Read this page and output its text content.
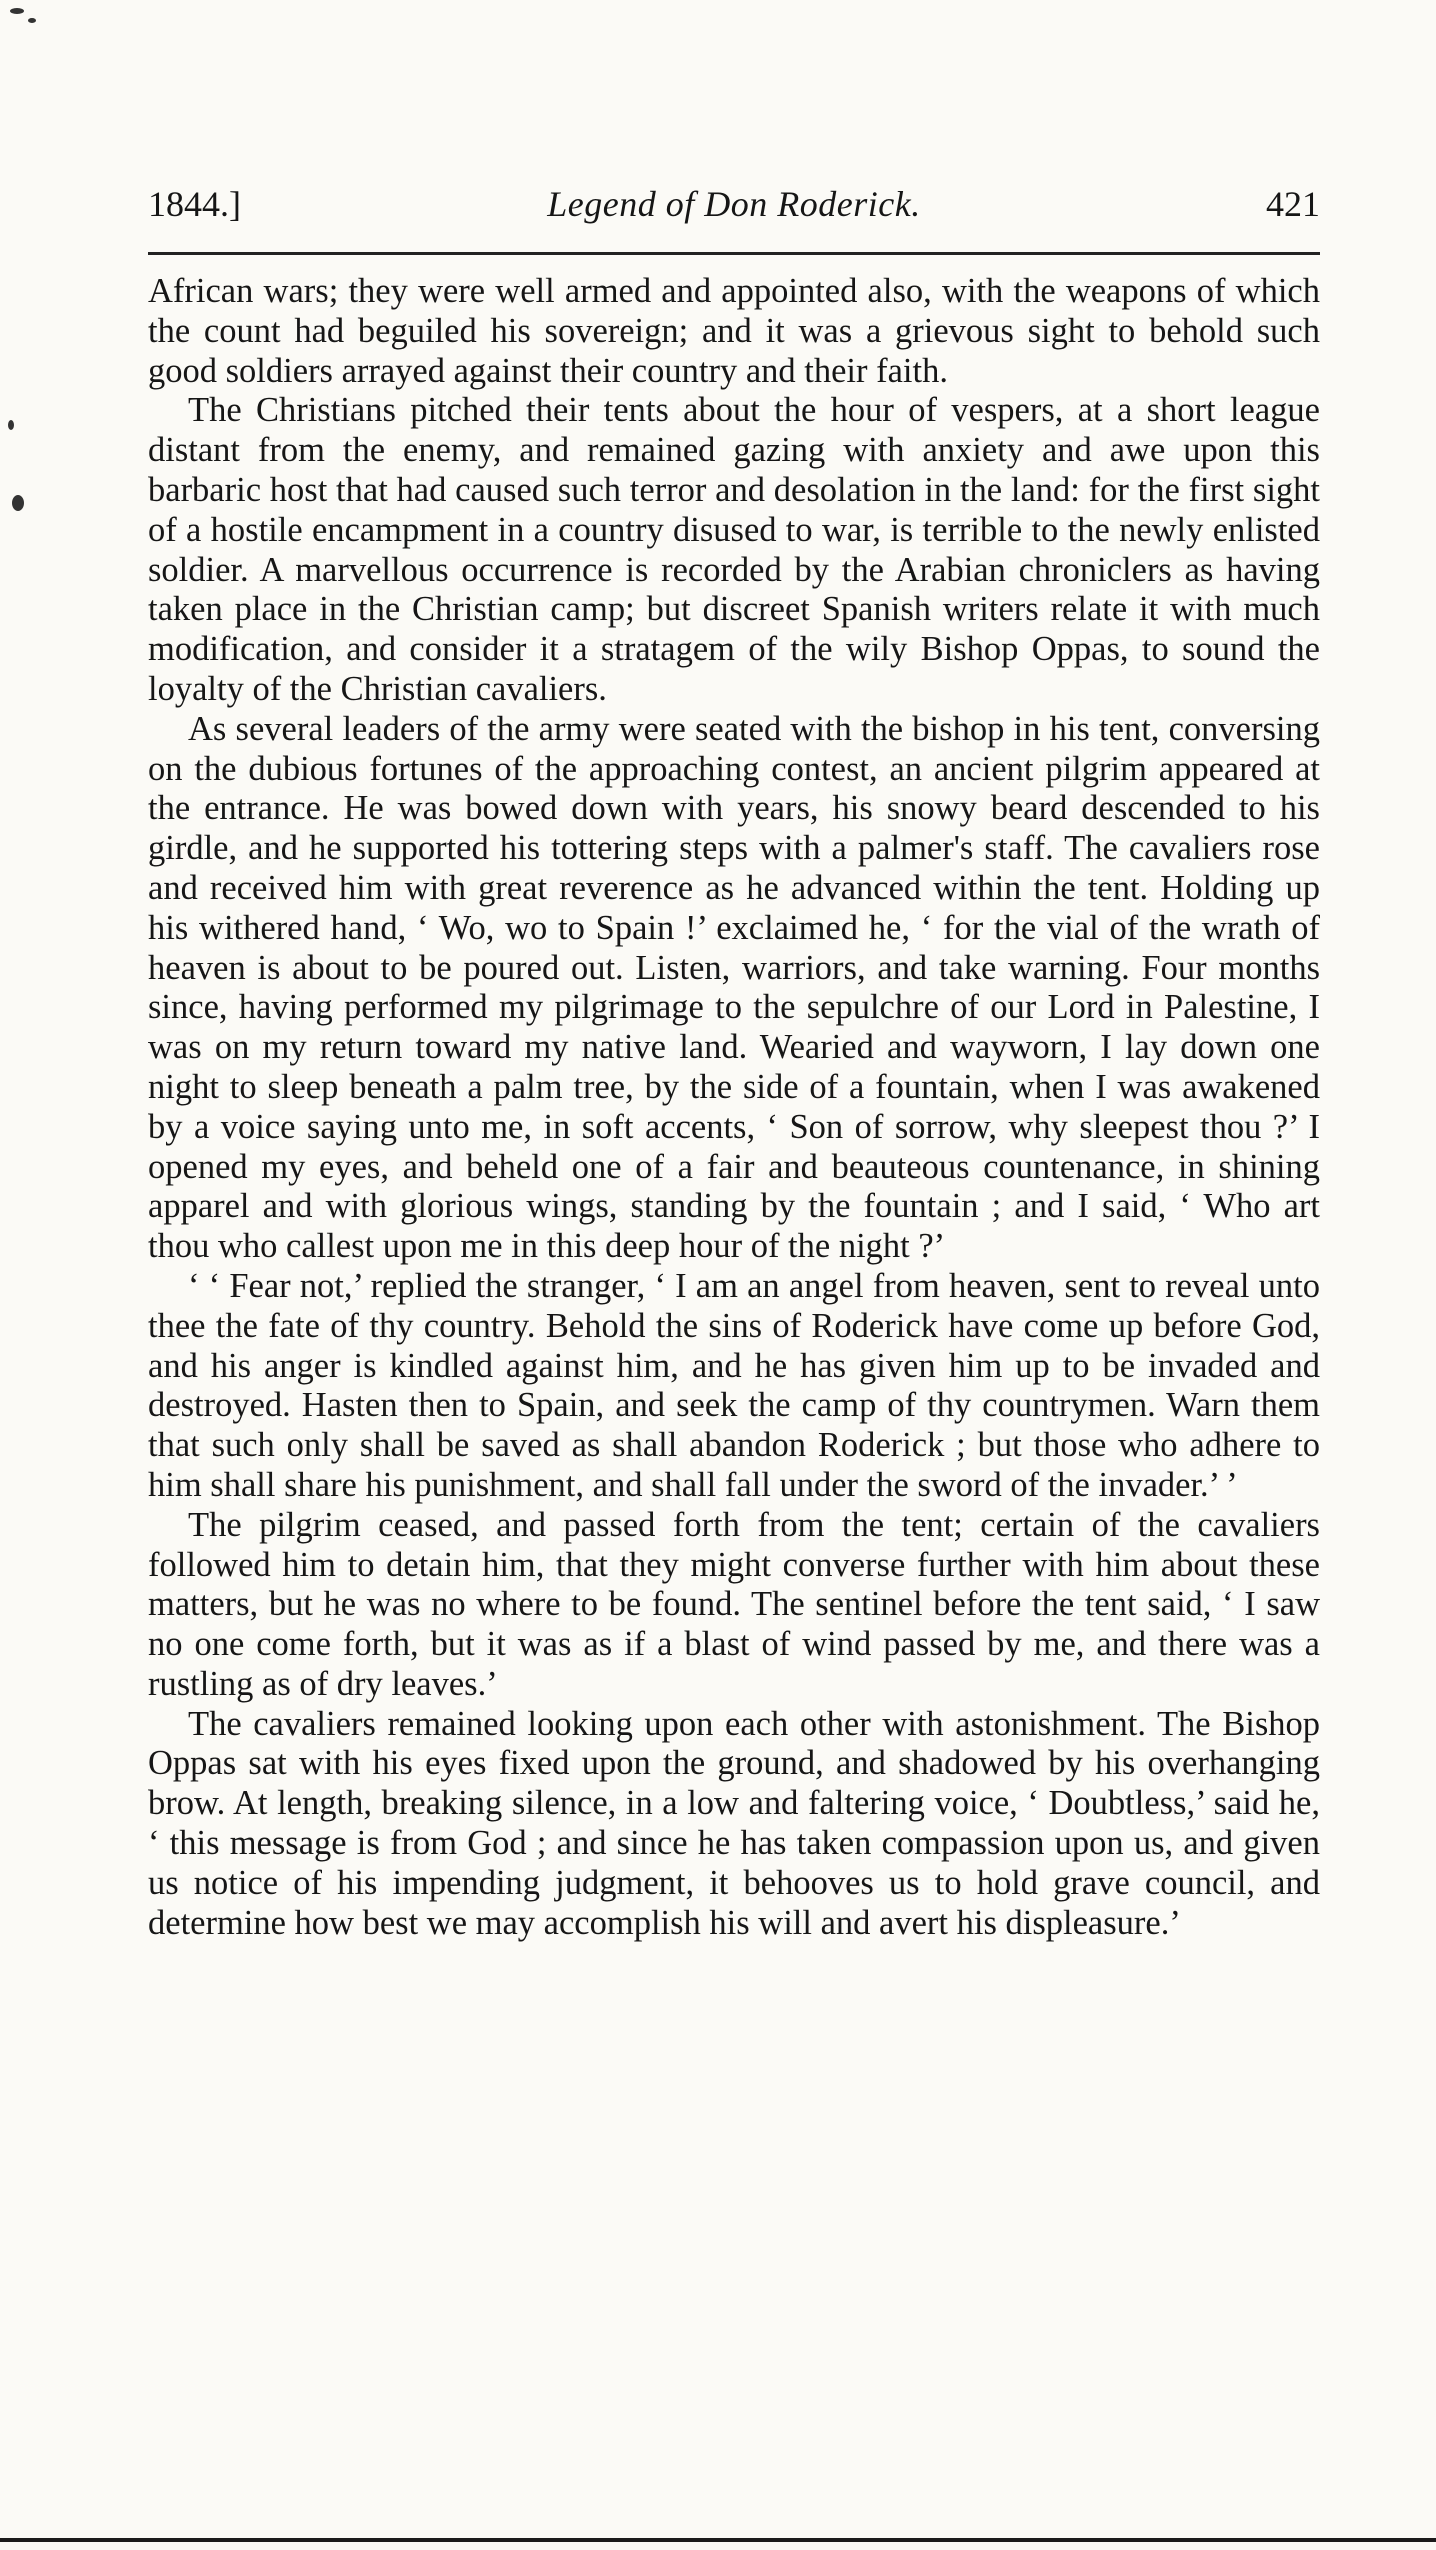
1844.]	Legend of Don Roderick.	421

African wars; they were well armed and appointed also, with the weapons of which the count had beguiled his sovereign; and it was a grievous sight to behold such good soldiers arrayed against their country and their faith.

The Christians pitched their tents about the hour of vespers, at a short league distant from the enemy, and remained gazing with anxiety and awe upon this barbaric host that had caused such terror and desolation in the land: for the first sight of a hostile encampment in a country disused to war, is terrible to the newly enlisted soldier. A marvellous occurrence is recorded by the Arabian chroniclers as having taken place in the Christian camp; but discreet Spanish writers relate it with much modification, and consider it a stratagem of the wily Bishop Oppas, to sound the loyalty of the Christian cavaliers.

As several leaders of the army were seated with the bishop in his tent, conversing on the dubious fortunes of the approaching contest, an ancient pilgrim appeared at the entrance. He was bowed down with years, his snowy beard descended to his girdle, and he supported his tottering steps with a palmer's staff. The cavaliers rose and received him with great reverence as he advanced within the tent. Holding up his withered hand, ‘ Wo, wo to Spain !’ exclaimed he, ‘ for the vial of the wrath of heaven is about to be poured out. Listen, warriors, and take warning. Four months since, having performed my pilgrimage to the sepulchre of our Lord in Palestine, I was on my return toward my native land. Wearied and wayworn, I lay down one night to sleep beneath a palm tree, by the side of a fountain, when I was awakened by a voice saying unto me, in soft accents, ‘ Son of sorrow, why sleepest thou ?’ I opened my eyes, and beheld one of a fair and beauteous countenance, in shining apparel and with glorious wings, standing by the fountain ; and I said, ‘ Who art thou who callest upon me in this deep hour of the night ?’

‘ ‘ Fear not,’ replied the stranger, ‘ I am an angel from heaven, sent to reveal unto thee the fate of thy country. Behold the sins of Roderick have come up before God, and his anger is kindled against him, and he has given him up to be invaded and destroyed. Hasten then to Spain, and seek the camp of thy countrymen. Warn them that such only shall be saved as shall abandon Roderick ; but those who adhere to him shall share his punishment, and shall fall under the sword of the invader.’ ’

The pilgrim ceased, and passed forth from the tent; certain of the cavaliers followed him to detain him, that they might converse further with him about these matters, but he was no where to be found. The sentinel before the tent said, ‘ I saw no one come forth, but it was as if a blast of wind passed by me, and there was a rustling as of dry leaves.’

The cavaliers remained looking upon each other with astonishment. The Bishop Oppas sat with his eyes fixed upon the ground, and shadowed by his overhanging brow. At length, breaking silence, in a low and faltering voice, ‘ Doubtless,’ said he, ‘ this message is from God ; and since he has taken compassion upon us, and given us notice of his impending judgment, it behooves us to hold grave council, and determine how best we may accomplish his will and avert his displeasure.’
